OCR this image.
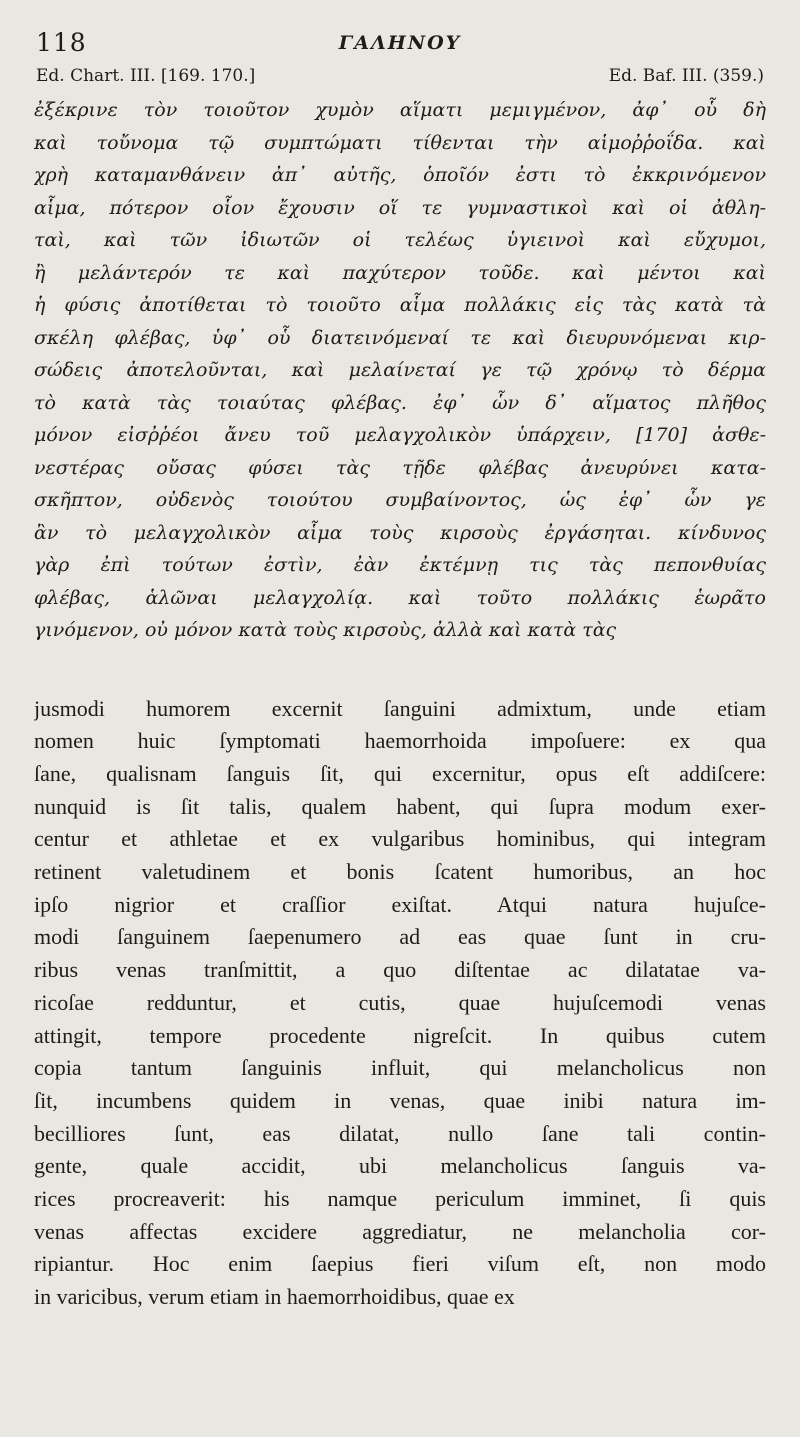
118	ΓΑΛΗΝΟΥ
Ed. Chart. III. [169. 170.]	Ed. Baf. III. (359.)
ἐξέκρινε τὸν τοιοῦτον χυμὸν αἵματι μεμιγμένον, ἀφ᾽ οὗ δὴ
καὶ τοὔνομα τῷ συμπτώματι τίθενται τὴν αἱμοῤῥοΐδα. καὶ
χρὴ καταμανθάνειν ἀπ᾽ αὐτῆς, ὁποῖόν ἐστι τὸ ἐκκρινόμενον
αἷμα, πότερον οἷον ἔχουσιν οἵ τε γυμναστικοὶ καὶ οἱ ἀθλη-
ταὶ, καὶ τῶν ἰδιωτῶν οἱ τελέως ὑγιεινοὶ καὶ εὔχυμοι,
ἢ μελάντερόν τε καὶ παχύτερον τοῦδε. καὶ μέντοι καὶ
ἡ φύσις ἀποτίθεται τὸ τοιοῦτο αἷμα πολλάκις εἰς τὰς κατὰ τὰ
σκέλη φλέβας, ὑφ᾽ οὗ διατεινόμεναί τε καὶ διευρυνόμεναι κιρ-
σώδεις ἀποτελοῦνται, καὶ μελαίνεταί γε τῷ χρόνῳ τὸ δέρμα
τὸ κατὰ τὰς τοιαύτας φλέβας. ἐφ᾽ ὧν δ᾽ αἵματος πλῆθος
μόνον εἰσῤῥέοι ἄνευ τοῦ μελαγχολικὸν ὑπάρχειν, [170] ἀσθε-
νεστέρας οὔσας φύσει τὰς τῇδε φλέβας ἀνευρύνει κατα-
σκῆπτον, οὐδενὸς τοιούτου συμβαίνοντος, ὡς ἐφ᾽ ὧν γε
ἂν τὸ μελαγχολικὸν αἷμα τοὺς κιρσοὺς ἐργάσηται. κίνδυνος
γὰρ ἐπὶ τούτων ἐστὶν, ἐὰν ἐκτέμνῃ τις τὰς πεπονθυίας
φλέβας, ἁλῶναι μελαγχολίᾳ. καὶ τοῦτο πολλάκις ἑωρᾶτο
γινόμενον, οὐ μόνον κατὰ τοὺς κιρσοὺς, ἀλλὰ καὶ κατὰ τὰς
jusmodi humorem excernit ſanguini admixtum, unde etiam
nomen huic ſymptomati haemorrhoida impoſuere: ex qua
ſane, qualisnam ſanguis ſit, qui excernitur, opus eſt addiſcere:
nunquid is ſit talis, qualem habent, qui ſupra modum exer-
centur et athletae et ex vulgaribus hominibus, qui integram
retinent valetudinem et bonis ſcatent humoribus, an hoc
ipſo nigrior et craſſior exiſtat. Atqui natura hujuſce-
modi ſanguinem ſaepenumero ad eas quae ſunt in cru-
ribus venas tranſmittit, a quo diſtentae ac dilatatae va-
ricoſae redduntur, et cutis, quae hujuſcemodi venas
attingit, tempore procedente nigreſcit. In quibus cutem
copia tantum ſanguinis influit, qui melancholicus non
ſit, incumbens quidem in venas, quae inibi natura im-
becilliores ſunt, eas dilatat, nullo ſane tali contin-
gente, quale accidit, ubi melancholicus ſanguis va-
rices procreaverit: his namque periculum imminet, ſi quis
venas affectas excidere aggrediatur, ne melancholia cor-
ripiantur. Hoc enim ſaepius fieri viſum eſt, non modo
in varicibus, verum etiam in haemorrhoidibus, quae ex
